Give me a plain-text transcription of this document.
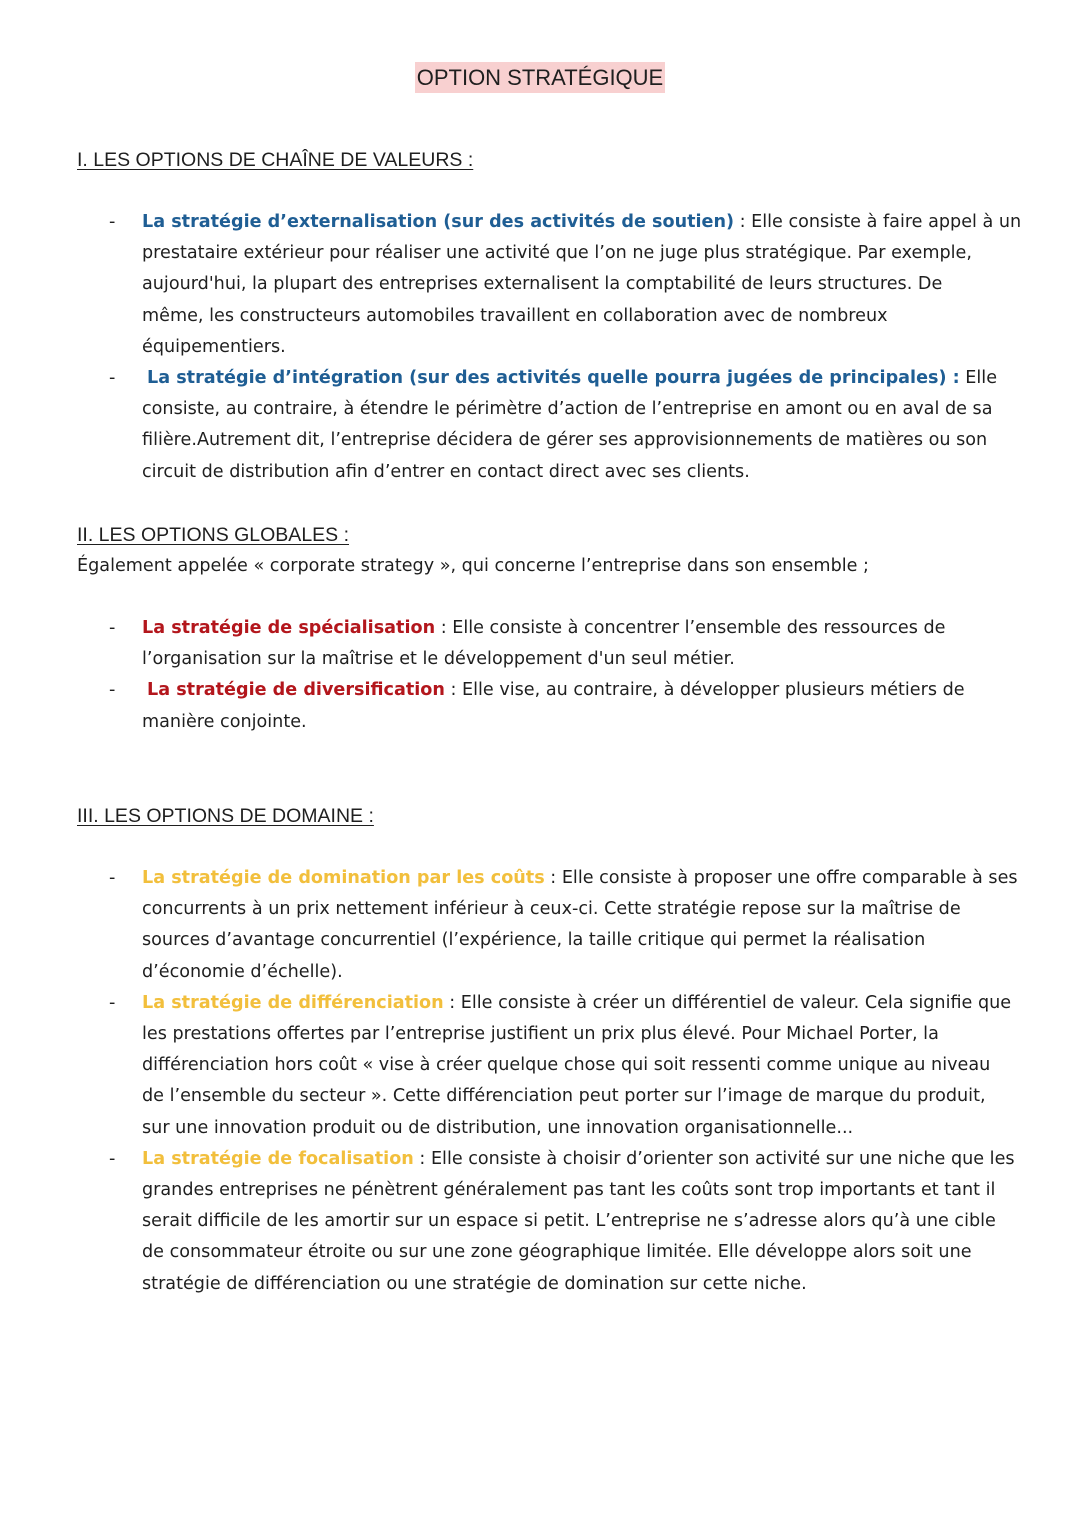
OPTION STRATÉGIQUE
I. LES OPTIONS DE CHAÎNE DE VALEURS :
- La stratégie d’externalisation (sur des activités de soutien) : Elle consiste à faire appel à un
prestataire extérieur pour réaliser une activité que l’on ne juge plus stratégique. Par exemple,
aujourd'hui, la plupart des entreprises externalisent la comptabilité de leurs structures. De
même, les constructeurs automobiles travaillent en collaboration avec de nombreux
équipementiers.

- La stratégie d’intégration (sur des activités quelle pourra jugées de principales) : Elle
consiste, au contraire, à étendre le périmètre d’action de l’entreprise en amont ou en aval de sa
filière.Autrement dit, l’entreprise décidera de gérer ses approvisionnements de matières ou son
circuit de distribution afin d’entrer en contact direct avec ses clients.

II. LES OPTIONS GLOBALES :

Également appelée « corporate strategy », qui concerne l’entreprise dans son ensemble ;

- La stratégie de spécialisation : Elle consiste à concentrer l’ensemble des ressources de
l’organisation sur la maîtrise et le développement d'un seul métier.

- La stratégie de diversification : Elle vise, au contraire, à développer plusieurs métiers de
manière conjointe.

III. LES OPTIONS DE DOMAINE :
- La stratégie de domination par les coûts : Elle consiste à proposer une offre comparable à ses
concurrents à un prix nettement inférieur à ceux-ci. Cette stratégie repose sur la maîtrise de
sources d’avantage concurrentiel (l’expérience, la taille critique qui permet la réalisation
d’économie d’échelle).

- La stratégie de différenciation : Elle consiste à créer un différentiel de valeur. Cela signifie que
les prestations offertes par l’entreprise justifient un prix plus élevé. Pour Michael Porter, la
différenciation hors coût « vise à créer quelque chose qui soit ressenti comme unique au niveau
de l’ensemble du secteur ». Cette différenciation peut porter sur l’image de marque du produit,
sur une innovation produit ou de distribution, une innovation organisationnelle...

- La stratégie de focalisation : Elle consiste à choisir d’orienter son activité sur une niche que les
grandes entreprises ne pénètrent généralement pas tant les coûts sont trop importants et tant il
serait difficile de les amortir sur un espace si petit. L’entreprise ne s’adresse alors qu’à une cible
de consommateur étroite ou sur une zone géographique limitée. Elle développe alors soit une
stratégie de différenciation ou une stratégie de domination sur cette niche.
